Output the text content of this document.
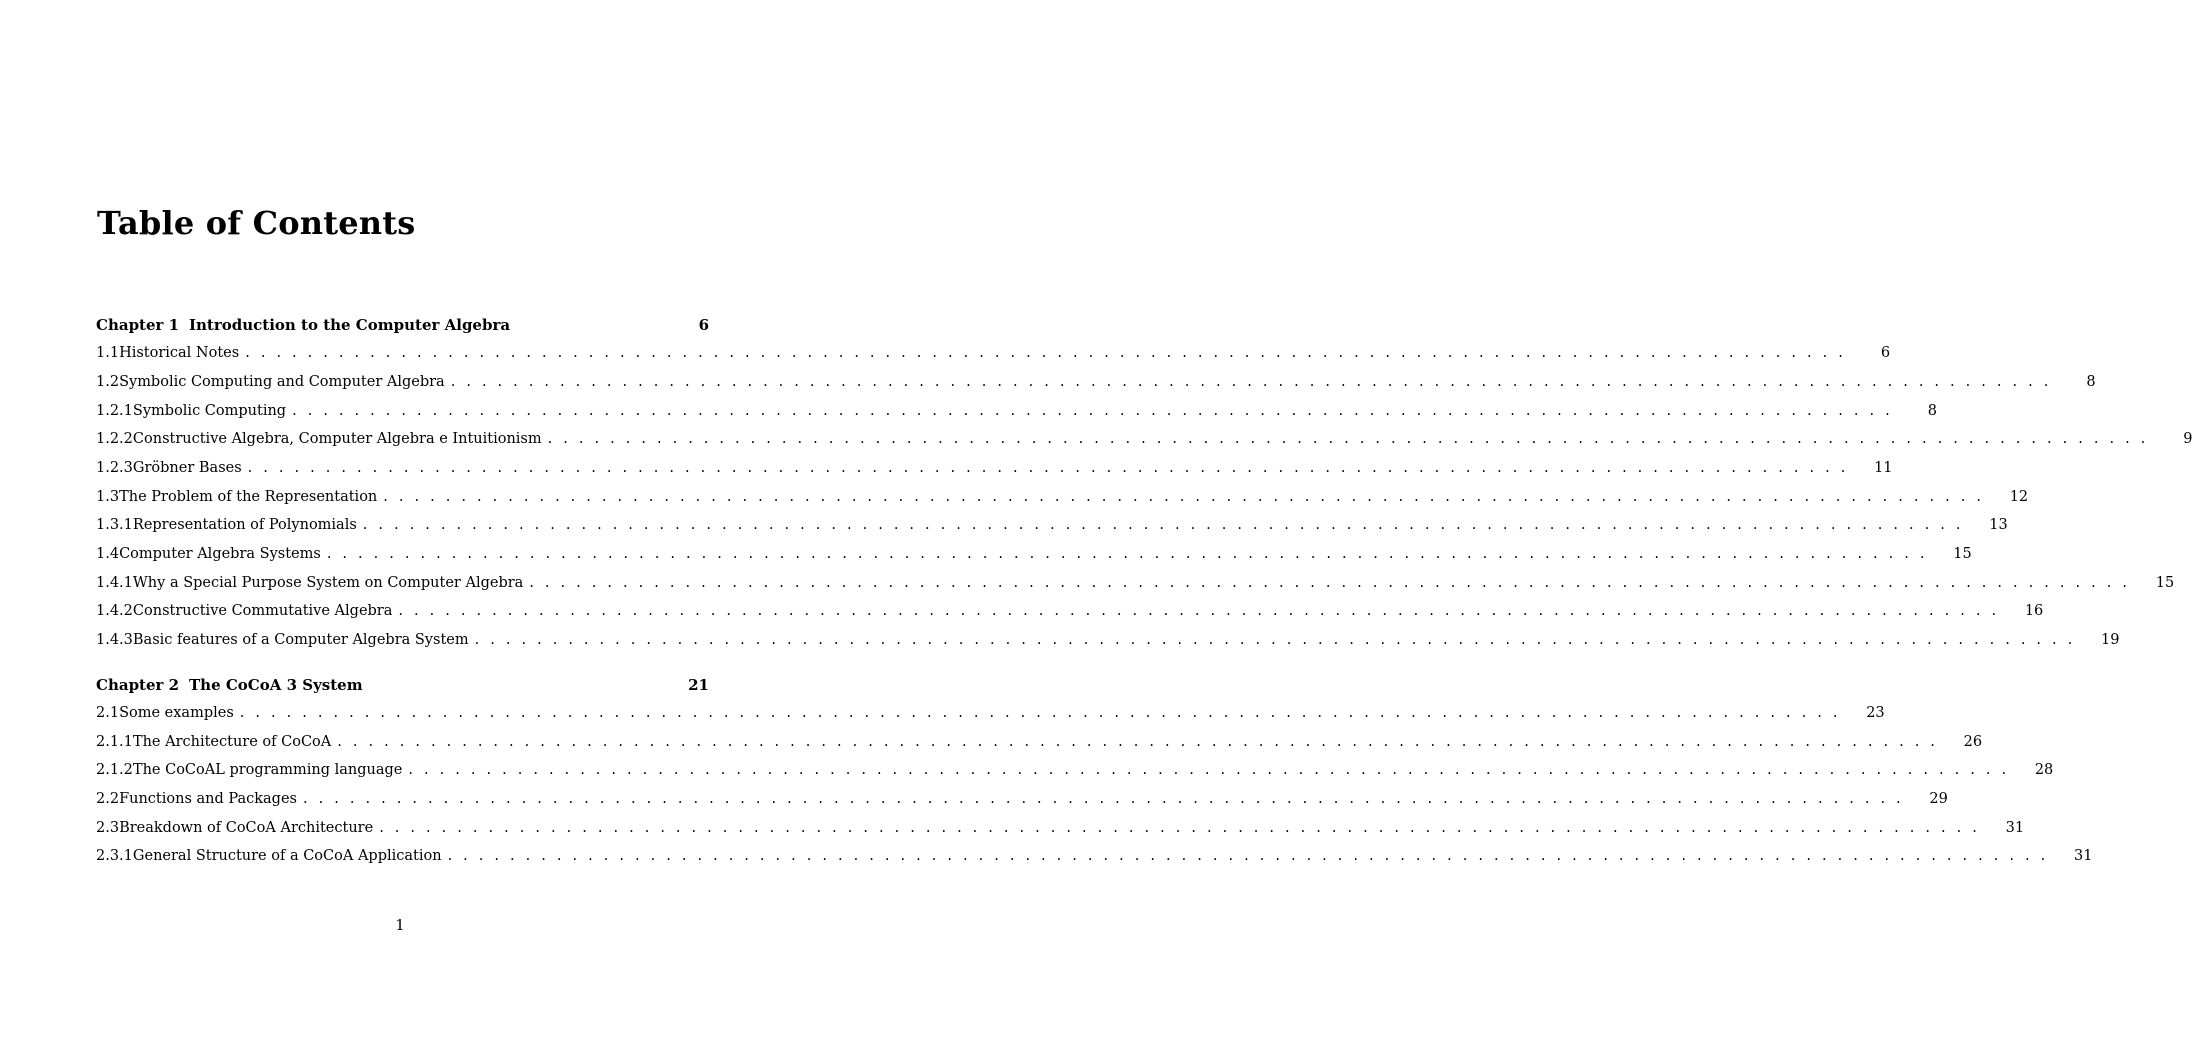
Table of Contents
Chapter 1 Introduction to the Computer Algebra	6
1.1 Historical Notes . . .	6
1.2 Symbolic Computing and Computer Algebra . . .	8
1.2.1 Symbolic Computing . . .	8
1.2.2 Constructive Algebra, Computer Algebra e Intuitionism . . .	9
1.2.3 Gröbner Bases . . .	11
1.3 The Problem of the Representation . . .	12
1.3.1 Representation of Polynomials . . .	13
1.4 Computer Algebra Systems . . .	15
1.4.1 Why a Special Purpose System on Computer Algebra . . .	15
1.4.2 Constructive Commutative Algebra . . .	16
1.4.3 Basic features of a Computer Algebra System . . .	19
Chapter 2 The CoCoA 3 System	21
2.1 Some examples . . .	23
2.1.1 The Architecture of CoCoA . . .	26
2.1.2 The CoCoAL programming language . . .	28
2.2 Functions and Packages . . .	29
2.3 Breakdown of CoCoA Architecture . . .	31
2.3.1 General Structure of a CoCoA Application . . .	31
1
